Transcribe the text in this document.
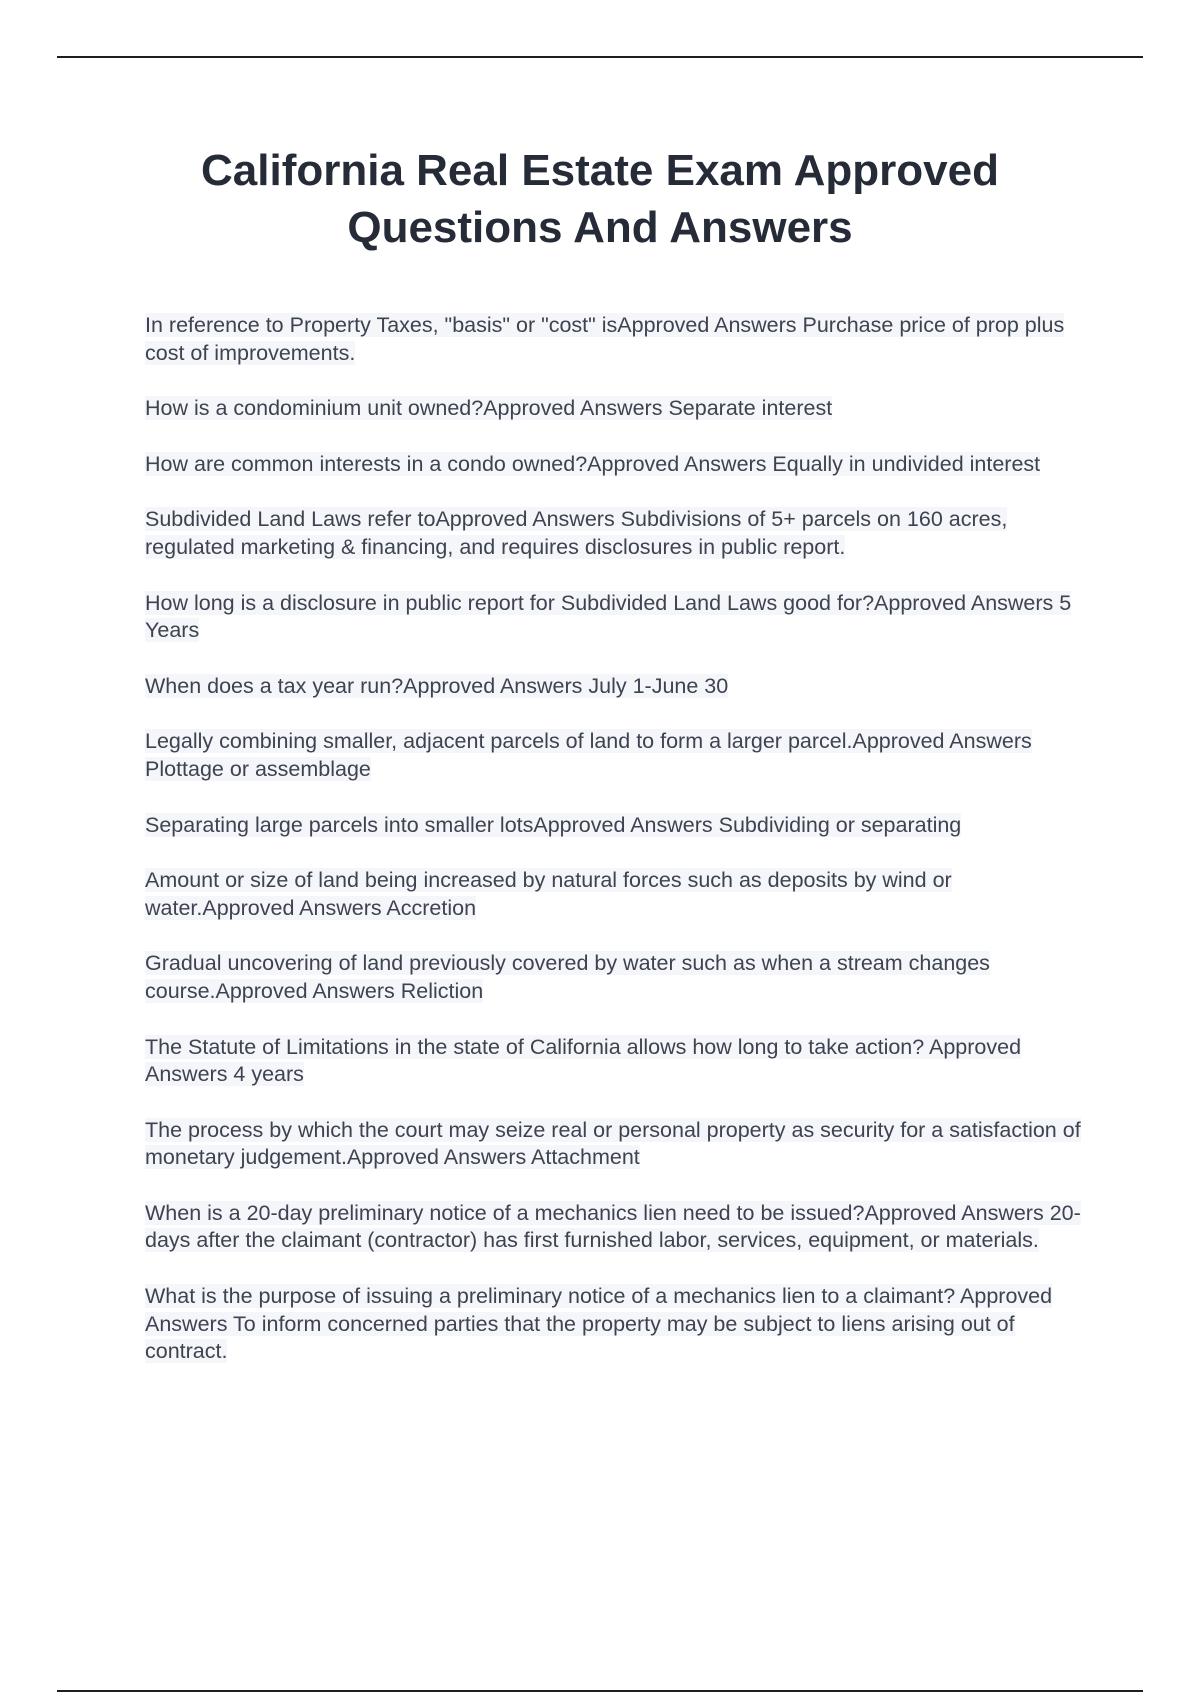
California Real Estate Exam Approved Questions And Answers
In reference to Property Taxes, "basis" or "cost" isApproved Answers Purchase price of prop plus cost of improvements.
How is a condominium unit owned?Approved Answers Separate interest
How are common interests in a condo owned?Approved Answers Equally in undivided interest
Subdivided Land Laws refer toApproved Answers Subdivisions of 5+ parcels on 160 acres, regulated marketing & financing, and requires disclosures in public report.
How long is a disclosure in public report for Subdivided Land Laws good for?Approved Answers 5 Years
When does a tax year run?Approved Answers July 1-June 30
Legally combining smaller, adjacent parcels of land to form a larger parcel.Approved Answers Plottage or assemblage
Separating large parcels into smaller lotsApproved Answers Subdividing or separating
Amount or size of land being increased by natural forces such as deposits by wind or water.Approved Answers Accretion
Gradual uncovering of land previously covered by water such as when a stream changes course.Approved Answers Reliction
The Statute of Limitations in the state of California allows how long to take action? Approved Answers 4 years
The process by which the court may seize real or personal property as security for a satisfaction of monetary judgement.Approved Answers Attachment
When is a 20-day preliminary notice of a mechanics lien need to be issued?Approved Answers 20-days after the claimant (contractor) has first furnished labor, services, equipment, or materials.
What is the purpose of issuing a preliminary notice of a mechanics lien to a claimant? Approved Answers To inform concerned parties that the property may be subject to liens arising out of contract.
